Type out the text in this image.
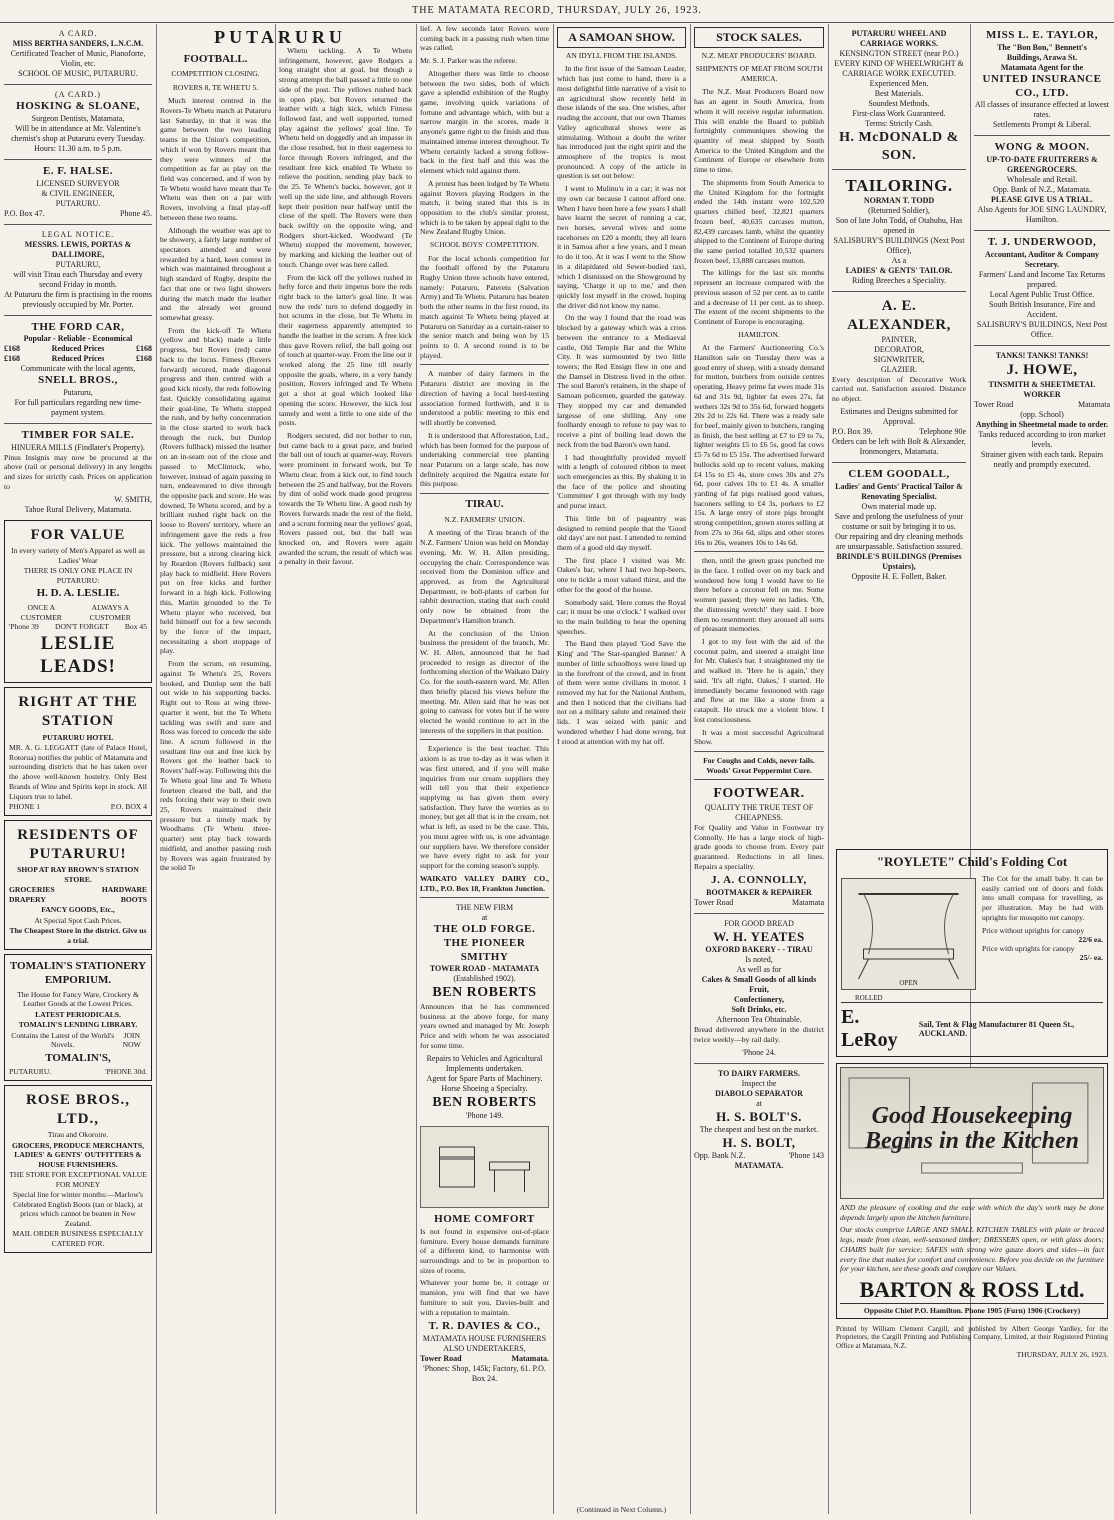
THE MATAMATA RECORD, THURSDAY, JULY 26, 1923.
A CARD.
MISS BERTHA SANDERS, L.N.C.M.
Certificated Teacher of Music, Pianoforte, Violin, etc.
SCHOOL OF MUSIC, PUTARURU.
(A CARD.)
HOSKING & SLOANE,
Surgeon Dentists, Matamata,
Will be in attendance at Mr. Valentine's chemist's shop at Putaruru every Tuesday.
Hours: 11.30 a.m. to 5 p.m.
E. F. HALSE.
LICENSED SURVEYOR
& CIVIL ENGINEER,
PUTARURU.
P.O. Box 47.	Phone 45.
LEGAL NOTICE.
MESSRS. LEWIS, PORTAS & DALLIMORE,
PUTARURU,
will visit Tirau each Thursday and every second Friday in month.
At Putaruru the firm is practising in the rooms previously occupied by Mr. Porter.
THE FORD CAR,
Popular - Reliable - Economical
£168	Reduced Prices	£168
£168	Reduced Prices	£168
Communicate with the local agents,
SNELL BROS.,
Putaruru,
For full particulars regarding new time-payment system.
TIMBER FOR SALE.
HINUERA MILLS (Findlater's Property).
Pinus Insignis may now be procured at the above (rail or personal delivery) in any lengths and sizes for strictly cash. Prices on application to
W. SMITH,
Tahoe Rural Delivery, Matamata.
FOR VALUE

In every variety of Men's Apparel as well as Ladies' Wear

THERE IS ONLY ONE PLACE IN PUTARURU:

H. D. A. LESLIE.
ONCE A CUSTOMER
ALWAYS A CUSTOMER
'Phone 39 DON'T FORGET Box 45
LESLIE LEADS!
RIGHT AT THE STATION

PUTARURU HOTEL

MR. A. G. LEGGATT (late of Palace Hotel, Rotorua) notifies the public of Matamata and surrounding districts that he has taken over the above well-known hostelry. Only Best Brands of Wine and Spirits kept in stock. All Liquors true to label.

PHONE 1	P.O. BOX 4
RESIDENTS OF PUTARURU!

SHOP AT RAY BROWN'S STATION STORE.

GROCERIES	HARDWARE
DRAPERY	BOOTS

FANCY GOODS, Etc.,

At Special Spot Cash Prices.

The Cheapest Store in the district. Give us a trial.

TOMALIN'S STATIONERY EMPORIUM.

The House for Fancy Ware, Crockery & Leather Goods at the Lowest Prices.

LATEST PERIODICALS.

TOMALIN'S LENDING LIBRARY.

Contains the Latest of the World's Novels.
JOIN NOW
TOMALIN'S,
PUTARURU.	'PHONE 30d.
ROSE BROS., LTD.,

Tirau and Okoroire.

GROCERS, PRODUCE MERCHANTS, LADIES' & GENTS' OUTFITTERS & HOUSE FURNISHERS.

THE STORE FOR EXCEPTIONAL VALUE FOR MONEY

Special line for winter months:—Marlow's Celebrated English Boots (tan or black), at prices which cannot be beaten in New Zealand.

MAIL ORDER BUSINESS ESPECIALLY CATERED FOR.

PUTARURU
FOOTBALL.
COMPETITION CLOSING.
ROVERS 8, TE WHETU 5.

Much interest centred in the Rovers-Te Whetu match at Putaruru last Saturday, in that it was the game between the two leading teams in the Union's competition, which if won by Rovers meant that they were winners of the competition as far as play on the field was concerned, and if won by Te Whetu would have meant that Te Whetu was then on a par with Rovers, involving a final play-off between these two teams.

Although the weather was apt to be showery, a fairly large number of spectators attended and were rewarded by a hard, keen contest in which was maintained throughout a high standard of Rugby, despite the fact that one or two light showers during the match made the leather and the already wet ground somewhat greasy.

From the kick-off Te Whetu (yellow and black) made a little progress, but Rovers (red) came back to the locus. Fitness (Rovers forward) secured, made diagonal progress and then centred with a good kick nicely, the reds following fast. Quickly consolidating against their goal-line, Te Whetu stopped the rush, and by hefty concentration in the close started to work back through the ruck, but Dunlop (Rovers fullback) missed the leather on an in-seam out of the close and passed to McClintock, who, however, instead of again passing in turn, endeavoured to dive through the opposite pack and score. He was downed, Te Whetu scored, and by a brilliant rushed right back on the loose to Rovers' territory, where an infringement gave the reds a free kick. The yellows maintained the pressure, but a strong clearing kick by Reardon (Rovers fullback) sent play back to midfield. Here Rovers put on free kicks and further forward in a high kick. Following this, Martin grounded to the Te Whetu player who received, but held himself out for a few seconds by the force of the impact, necessitating a short stoppage of play.

From the scrum, on resuming, against Te Whetu's 25, Rovers hooked, and Dunlop sent the ball out wide to his supporting backs. Right out to Ross at wing three-quarter it went, but the Te Whetu tackling was swift and sure and Ross was forced to concede the side line. A scrum followed in the resultant line out and free kick by Rovers got the leather back to Rovers' half-way. Following this the Te Whetu goal line and Te Whetu fourteen cleared the ball, and the reds forcing their way to their own 25, Rovers maintained their pressure but a timely mark by Woodhams (Te Whetu three-quarter) sent play back towards midfield, and another passing rush by Rovers was again frustrated by the solid Te

Whetu tackling. A Te Whetu infringement, however, gave Rodgers a long straight shot at goal, but though a strong attempt the ball passed a little to one side of the post. The yellows rushed back in open play, but Rovers returned the leather with a high kick, which Fitness followed fast, and well supported, turned play against the yellows' goal line. Te Whetu held on doggedly and an impasse in the close resulted, but in their eagerness to force through Rovers infringed, and the resultant free kick enabled Te Whetu to relieve the position, sending play back to the 25. Te Whetu's backs, however, got it well up the side line, and although Rovers kept their position near halfway until the close of the spell. The Rovers were then back swiftly on the opposite wing, and Rodgers short-kicked. Woodward (Te Whetu) stopped the movement, however, by marking and kicking the leather out of touch. Change over was here called.

From the kick off the yellows rushed in hefty force and their impetus bore the reds right back to the latter's goal line. It was now the reds' turn to defend doggedly in hot scrums in the close, but Te Whetu in their eagerness apparently attempted to handle the leather in the scrum. A free kick thus gave Rovers relief, the ball going out of touch at quarter-way. From the line out it worked along the 25 line till nearly opposite the goals, where, in a very handy position, Rovers infringed and Te Whetu got a shot at goal which looked like opening the score. However, the kick lost tamely and went a little to one side of the posts.

Rodgers secured, did not bother to run, but came back to a great pace, and buried the ball out of touch at quarter-way. Rovers were prominent in forward work, but Te Whetu clear, from a kick out, to find touch between the 25 and halfway, but the Rovers by dint of solid work made good progress towards the Te Whetu line. A good rush by Rovers forwards made the rest of the field, and a scrum forming near the yellows' goal, Rovers passed out, but the ball was knocked on, and Rovers were again awarded the scrum, the result of which was a penalty in their favour.

lief. A few seconds later Rovers were coming back in a passing rush when time was called.

Mr. S. J. Parker was the referee.

Altogether there was little to choose between the two sides, both of which gave a splendid exhibition of the Rugby game, involving quick variations of fortune and advantage which, with but a narrow margin in the scores, made it anyone's game right to the finish and thus maintained intense interest throughout. Te Whetu certainly lacked a strong follow-back in the first half and this was the element which told against them.

A protest has been lodged by Te Whetu against Rovers playing Rodgers in the match, it being stated that this is in opposition to the club's similar protest, which is to be taken by appeal right to the New Zealand Rugby Union.

SCHOOL BOYS' COMPETITION.

For the local schools competition for the football offered by the Putaruru Rugby Union three schools have entered, namely: Putaruru, Pateretu (Salvation Army) and Te Whetu. Putaruru has beaten both the other teams in the first round, its match against Te Whetu being played at Putaruru on Saturday as a curtain-raiser to the senior match and being won by 15 points to 0. A second round is to be played.

A number of dairy farmers in the Putaruru district are moving in the direction of having a local herd-testing association formed forthwith, and it is understood a public meeting to this end will shortly be convened.

It is understood that Afforestation, Ltd., which has been formed for the purpose of undertaking commercial tree planting near Putaruru on a large scale, has now definitely acquired the Ngatira estate for this purpose.

TIRAU.
N.Z. FARMERS' UNION.

A meeting of the Tirau branch of the N.Z. Farmers' Union was held on Monday evening, Mr. W. H. Allen presiding, occupying the chair. Correspondence was received from the Dominion office and approved, as from the Agricultural Department, re boll-plants of carbon for rabbit destruction, stating that such could only now be obtained from the Department's Hamilton branch.

At the conclusion of the Union business the president of the branch, Mr. W. H. Allen, announced that he had proceeded to resign as director of the forthcoming election of the Waikato Dairy Co. for the south-eastern ward. Mr. Allen then briefly placed his views before the meeting. Mr. Allen said that he was not going to canvass for votes but if he were elected he would continue to act in the interests of the suppliers in that position.

Experience is the best teacher. This axiom is as true to-day as it was when it was first uttered, and if you will make inquiries from our cream suppliers they will tell you that their experience supplying us has given them every satisfaction. They have the worries as to money, but get all that is in the cream, not what is left, as used to be the case. This, you must agree with us, is one advantage our suppliers have. We therefore consider we have every right to ask for your support for the coming season's supply.

WAIKATO VALLEY DAIRY CO., LTD., P.O. Box 18, Frankton Junction.

THE NEW FIRM
at
THE OLD FORGE.
THE PIONEER SMITHY
TOWER ROAD - MATAMATA
(Established 1902).
BEN ROBERTS
Announces that he has commenced business at the above forge, for many years owned and managed by Mr. Joseph Price and with whom he was associated for some time.
Repairs to Vehicles and Agricultural Implements undertaken.
Agent for Spare Parts of Machinery.
Horse Shoeing a Specialty.
BEN ROBERTS
'Phone 149.
HOME COMFORT
Is not found in expensive out-of-place furniture. Every house demands furniture of a different kind, to harmonise with surroundings and to be in proportion to sizes of rooms.
Whatever your home be, it cottage or mansion, you will find that we have furniture to suit you, Davies-built and with a reputation to maintain.
T. R. DAVIES & CO.,
MATAMATA HOUSE FURNISHERS ALSO UNDERTAKERS,
Tower Road	Matamata.
'Phones: Shop, 145k; Factory, 61. P.O. Box 24.
A SAMOAN SHOW.
AN IDYLL FROM THE ISLANDS.

In the first issue of the Samoan Leader, which has just come to hand, there is a most delightful little narrative of a visit to an agricultural show recently held in those islands of the sea. One wishes, after reading the account, that our own Thames Valley agricultural shows were as stimulating. Without a doubt the writer has introduced just the right spirit and the atmosphere of the tropics is most pronounced. A copy of the article in question is set out below:

I went to Mulinu'u in a car; it was not my own car because I cannot afford one. When I have been here a few years I shall have learnt the secret of running a car, two horses, several wives and some racehorses on £20 a month; they all learn it in Samoa after a few years, and I mean to do it too. At it was I went to the Show in a dilapidated old Sewer-bodied taxi, which I dismissed on the Showground by saying, 'Charge it up to me,' and then quickly lost myself in the crowd, hoping the driver did not know my name.

On the way I found that the road was blocked by a gateway which was a cross between the entrance to a Mediaeval castle, Old Temple Bar and the White City. It was surmounted by two little towers; the Red Ensign flew in one and the Damsel in Distress lived in the other. The soul Baron's retainers, in the shape of Samoan policemen, guarded the gateway. They stopped my car and demanded largesse of one shilling. Any one foolhardy enough to refuse to pay was to receive a pint of boiling lead down the neck from the bad Baron's own hand.

I had thoughtfully provided myself with a length of coloured ribbon to meet such emergencies as this. By shaking it in the face of the police and shouting 'Committee' I got through with my body and purse intact.

This little bit of pageantry was designed to remind people that the 'Good old days' are not past. I attended to remind them of a good old day myself.

The first place I visited was Mr. Oakes's bar, where I had two hop-beers, one to tickle a most valued thirst, and the other for the good of the house.

Somebody said, 'Here comes the Royal car; it must be one o'clock.' I walked over to the main building to hear the opening speeches.

The Band then played 'God Save the King' and 'The Star-spangled Banner.' A number of little schoolboys were lined up in the forefront of the crowd, and in front of them were some civilians in motor. I removed my hat for the National Anthem, and then I noticed that the civilians had not on a military salute and retained their lids. I was seized with panic and wondered whether I had done wrong, but I stood at attention with my hat off.

(Continued in Next Column.)
STOCK SALES.
N.Z. MEAT PRODUCERS' BOARD.
SHIPMENTS OF MEAT FROM SOUTH AMERICA.

The N.Z. Meat Producers Board now has an agent in South America, from whom it will receive regular information. This will enable the Board to publish fortnightly communiques showing the quantity of meat shipped by South America to the United Kingdom and the Continent of Europe or elsewhere from time to time.

The shipments from South America to the United Kingdom for the fortnight ended the 14th instant were 102,520 quarters chilled beef, 32,821 quarters frozen beef, 40,635 carcases mutton, 82,439 carcases lamb, whilst the quantity shipped to the Continent of Europe during the same period totalled 10,532 quarters frozen beef, 13,888 carcases mutton.

The killings for the last six months represent an increase compared with the previous season of 52 per cent. as to cattle and a decrease of 11 per cent. as to sheep. The extent of the recent shipments to the Continent of Europe is encouraging.

HAMILTON.

At the Farmers' Auctioneering Co.'s Hamilton sale on Tuesday there was a good entry of sheep, with a steady demand for mutton, butchers from outside centres operating. Heavy prime fat ewes made 31s 6d and 31s 9d, lighter fat ewes 27s, fat wethers 32s 9d to 35s 6d, forward hoggets 20s 2d to 22s 6d. There was a ready sale for beef, mainly given to butchers, ranging in finish, the best selling at £7 to £9 to 7s, lighter weights £5 to £6 5s, good fat cows £5 7s 6d to £5 15s. The advertised forward bullocks sold up to recent values, making £4 15s to £5 4s, store cows 30s and 27s 6d, poor calves 10s to £1 4s. A smaller yarding of fat pigs realised good values, baconers selling to £4 3s, porkers to £2 15s. A large entry of store pigs brought strong competition, grown stores selling at from 27s to 36s 6d, slips and other stores 16s to 26s, weaners 10s to 14s 6d.

then, until the green grass punched me in the face. I rolled over on my back and wondered how long I would have to lie there before a coconut fell on me. Some women passed; they were no ladies. 'Oh, the distressing wretch!' they said. I bore them no resentment: they aroused all sorts of pleasant memories.

I got to my feet with the aid of the coconut palm, and steered a straight line for Mr. Oakes's bar. I straightened my tie and walked in. 'Here he is again,' they said. 'It's all right, Oakes,' I started. He immediately became festooned with rage and flew at me like a stone from a catapult. He struck me a violent blow. I lost consciousness.

It was a most successful Agricultural Show.

For Coughs and Colds, never fails. Woods' Great Peppermint Cure.

FOOTWEAR.
QUALITY THE TRUE TEST OF CHEAPNESS.
For Quality and Value in Footwear try Connolly. He has a large stock of high-grade goods to choose from. Every pair guaranteed. Reductions in all lines. Repairs a speciality.
J. A. CONNOLLY,
BOOTMAKER & REPAIRER
Tower Road	Matamata
FOR GOOD BREAD
W. H. YEATES
OXFORD BAKERY - - TIRAU
Is noted,
As well as for
Cakes & Small Goods of all kinds
Fruit,
Confectionery,
Soft Drinks, etc.
Afternoon Tea Obtainable.
Bread delivered anywhere in the district twice weekly—by rail daily.
'Phone 24.
TO DAIRY FARMERS.
Inspect the
DIABOLO SEPARATOR
at
H. S. BOLT'S.
The cheapest and best on the market.
H. S. BOLT,
Opp. Bank N.Z.	'Phone 143
MATAMATA.
PUTARURU WHEEL AND CARRIAGE WORKS.
KENSINGTON STREET (near P.O.)
EVERY KIND OF WHEELWRIGHT & CARRIAGE WORK EXECUTED.
Experienced Men.
Best Materials.
Soundest Methods.
First-class Work Guaranteed.
Terms: Strictly Cash.
H. McDONALD & SON.
TAILORING.
NORMAN T. TODD
(Returned Soldier),
Son of late John Todd, of Otahuhu, Has opened in
SALISBURY'S BUILDINGS (Next Post Office),
As a
LADIES' & GENTS' TAILOR.
Riding Breeches a Speciality.
A. E. ALEXANDER,
PAINTER,
DECORATOR,
SIGNWRITER,
GLAZIER.
Every description of Decorative Work carried out. Satisfaction assured. Distance no object.
Estimates and Designs submitted for Approval.
P.O. Box 39.	Telephone 90e
Orders can be left with Bolt & Alexander, Ironmongers, Matamata.
CLEM GOODALL,
Ladies' and Gents' Practical Tailor & Renovating Specialist.
Own material made up.
Save and prolong the usefulness of your costume or suit by bringing it to us.
Our repairing and dry cleaning methods are unsurpassable. Satisfaction assured.
BRINDLE'S BUILDINGS (Premises Upstairs),
Opposite H. E. Follett, Baker.
MISS L. E. TAYLOR,
The "Bon Bon," Bennett's
Buildings, Arawa St.
Matamata Agent for the
UNITED INSURANCE CO., LTD.
All classes of insurance effected at lowest rates.
Settlements Prompt & Liberal.
WONG & MOON.
UP-TO-DATE FRUITERERS & GREENGROCERS.
Wholesale and Retail.
Opp. Bank of N.Z., Matamata.
PLEASE GIVE US A TRIAL.
Also Agents for JOE SING LAUNDRY, Hamilton.
T. J. UNDERWOOD,
Accountant, Auditor & Company Secretary.
Farmers' Land and Income Tax Returns prepared.
Local Agent Public Trust Office.
South British Insurance, Fire and Accident.
SALISBURY'S BUILDINGS, Next Post Office.
TANKS! TANKS! TANKS!
J. HOWE,
TINSMITH & SHEETMETAL WORKER
Tower Road	Matamata
(opp. School)
Anything in Sheetmetal made to order.
Tanks reduced according to iron market levels.
Strainer given with each tank. Repairs neatly and promptly executed.
"ROYLETE" Child's Folding Cot
OPEN
The Cot for the small baby. It can be easily carried out of doors and folds into small compass for travelling, as per illustration. May be had with uprights for mosquito net canopy.
Price without uprights for canopy
22/6 ea.
Price with uprights for canopy
25/- ea.
ROLLED
E. LeRoy
Sail, Tent & Flag Manufacturer 81 Queen St., AUCKLAND.
Good Housekeeping Begins in the Kitchen

AND the pleasure of cooking and the ease with which the day's work may be done depends largely upon the kitchen furniture.

Our stocks comprise LARGE AND SMALL KITCHEN TABLES with plain or braced legs, made from clean, well-seasoned timber; DRESSERS open, or with glass doors; CHAIRS built for service; SAFES with strong wire gauze doors and sides—in fact every line that makes for comfort and convenience. Before you decide on the furniture for your kitchen, see these goods and compare our Values.

BARTON & ROSS Ltd.
Opposite Chief P.O. Hamilton. Phone 1905 (Furn) 1906 (Crockery)
Printed by William Clement Cargill, and published by Albert George Yardley, for the Proprietors, the Cargill Printing and Publishing Company, Limited, at their Registered Printing Office at Matamata, N.Z.
THURSDAY, JULY 26, 1923.
